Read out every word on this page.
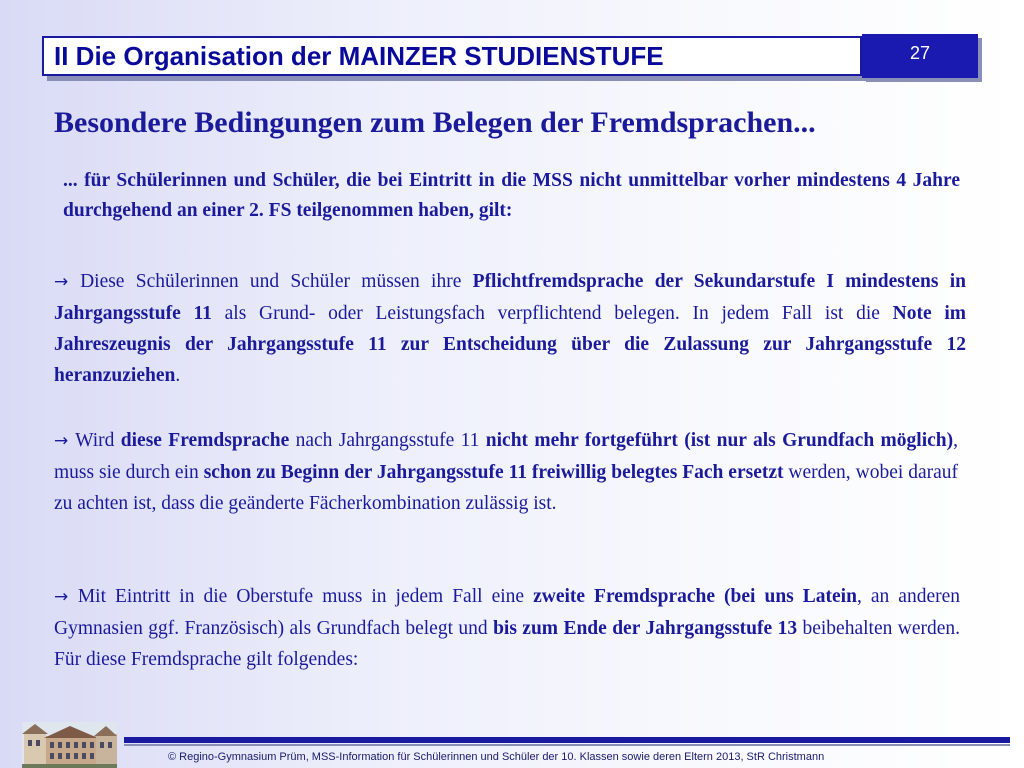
II Die Organisation der MAINZER STUDIENSTUFE	27
Besondere Bedingungen zum Belegen der Fremdsprachen...
... für Schülerinnen und Schüler, die bei Eintritt in die MSS nicht unmittelbar vorher mindestens 4 Jahre durchgehend an einer 2. FS teilgenommen haben, gilt:
→ Diese Schülerinnen und Schüler müssen ihre Pflichtfremdsprache der Sekundarstufe I mindestens in Jahrgangsstufe 11 als Grund- oder Leistungsfach verpflichtend belegen. In jedem Fall ist die Note im Jahreszeugnis der Jahrgangsstufe 11 zur Entscheidung über die Zulassung zur Jahrgangsstufe 12 heranzuziehen.
→ Wird diese Fremdsprache nach Jahrgangsstufe 11 nicht mehr fortgeführt (ist nur als Grundfach möglich), muss sie durch ein schon zu Beginn der Jahrgangsstufe 11 freiwillig belegtes Fach ersetzt werden, wobei darauf zu achten ist, dass die geänderte Fächerkombination zulässig ist.
→ Mit Eintritt in die Oberstufe muss in jedem Fall eine zweite Fremdsprache (bei uns Latein, an anderen Gymnasien ggf. Französisch) als Grundfach belegt und bis zum Ende der Jahrgangsstufe 13 beibehalten werden. Für diese Fremdsprache gilt folgendes:
© Regino-Gymnasium Prüm, MSS-Information für Schülerinnen und Schüler der 10. Klassen sowie deren Eltern 2013, StR Christmann
